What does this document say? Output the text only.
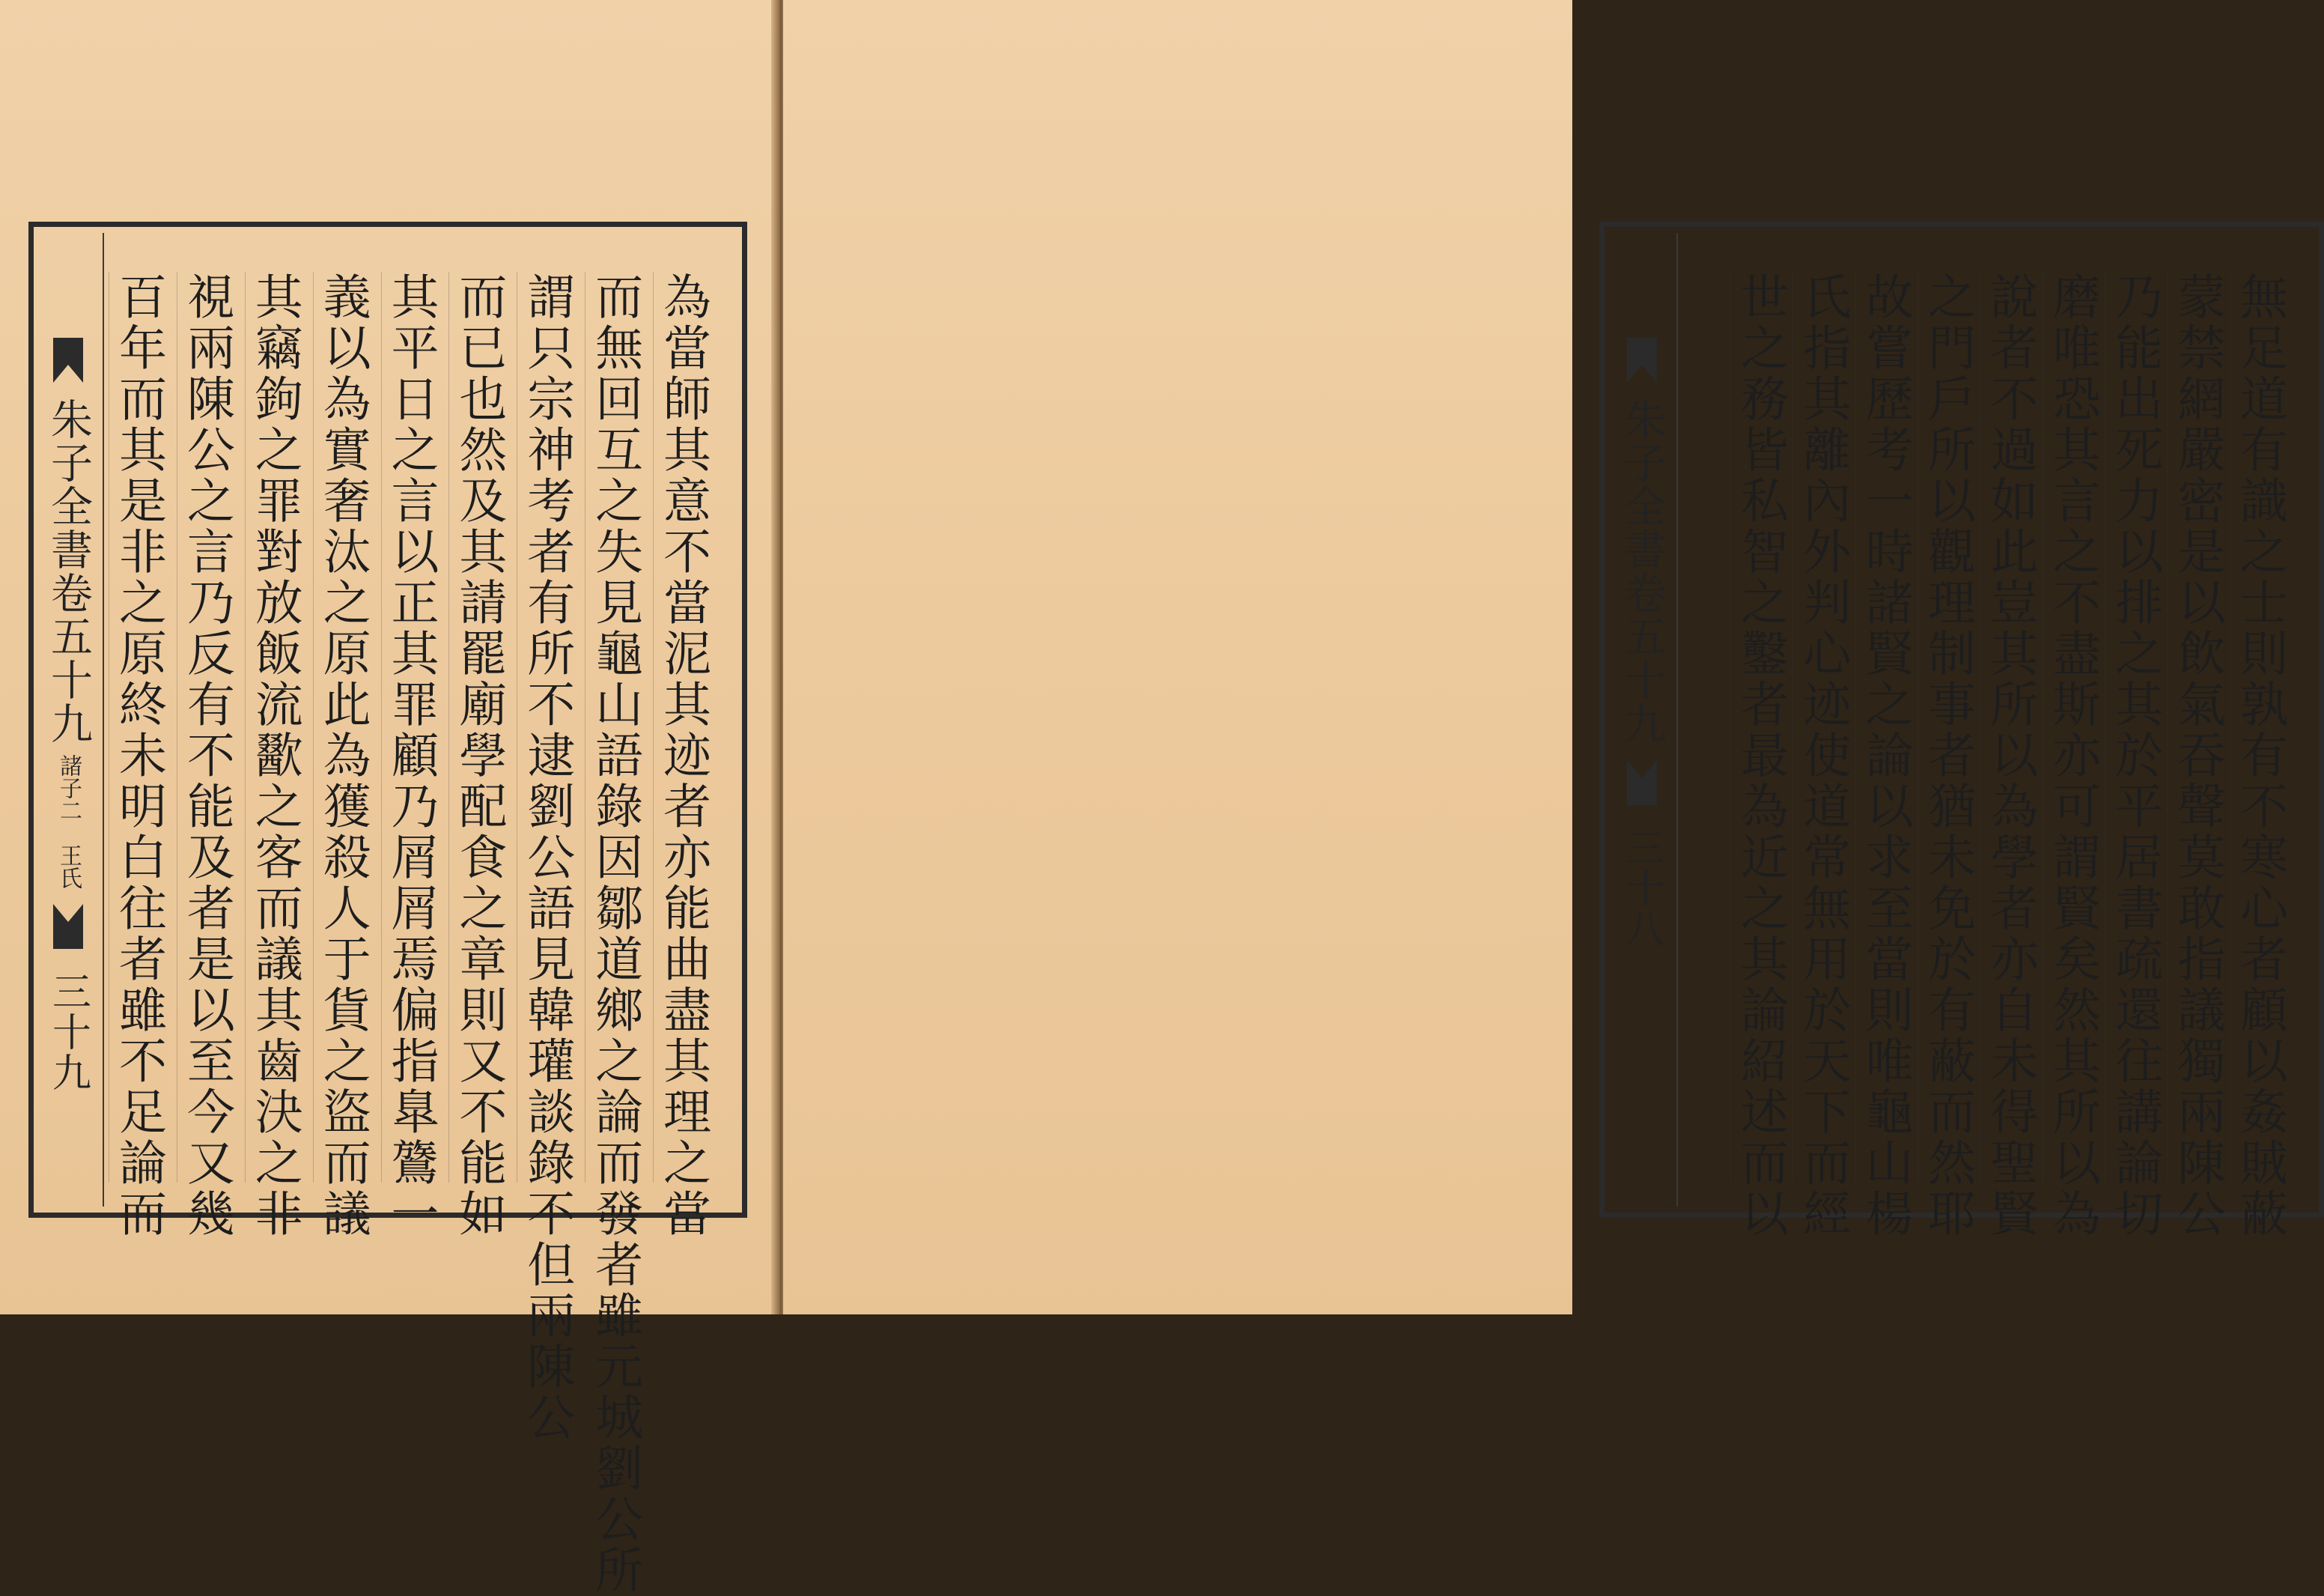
朱子全書卷五十九
諸子二　王氏
三十九	為當師其意不當泥其迹者亦能曲盡其理之當
而無回互之失見龜山語錄因鄒道鄉之論而發者雖元城劉公所
謂只宗神考者有所不逮劉公語見韓瓘談錄不但兩陳公
而已也然及其請罷廟學配食之章則又不能如
其平日之言以正其罪顧乃屑屑焉偏指臯鷟一
義以為實奢汰之原此為獲殺人于貨之盜而議
其竊鉤之罪對放飯流歠之客而議其齒決之非
視兩陳公之言乃反有不能及者是以至今又幾
百年而其是非之原終未明白往者雖不足論而	朱子全書卷五十九
三十八	無足道有識之士則孰有不寒心者顧以姦賊蔽
蒙禁網嚴密是以飲氣吞聲莫敢指議獨兩陳公
乃能出死力以排之其於平居書疏還往講論切
磨唯恐其言之不盡斯亦可謂賢矣然其所以為
說者不過如此豈其所以為學者亦自未得聖賢
之門戶所以觀理制事者猶未免於有蔽而然耶
故嘗歷考一時諸賢之論以求至當則唯龜山楊
氏指其離內外判心迹使道常無用於天下而經
世之務皆私智之鑿者最為近之其論紹述而以
